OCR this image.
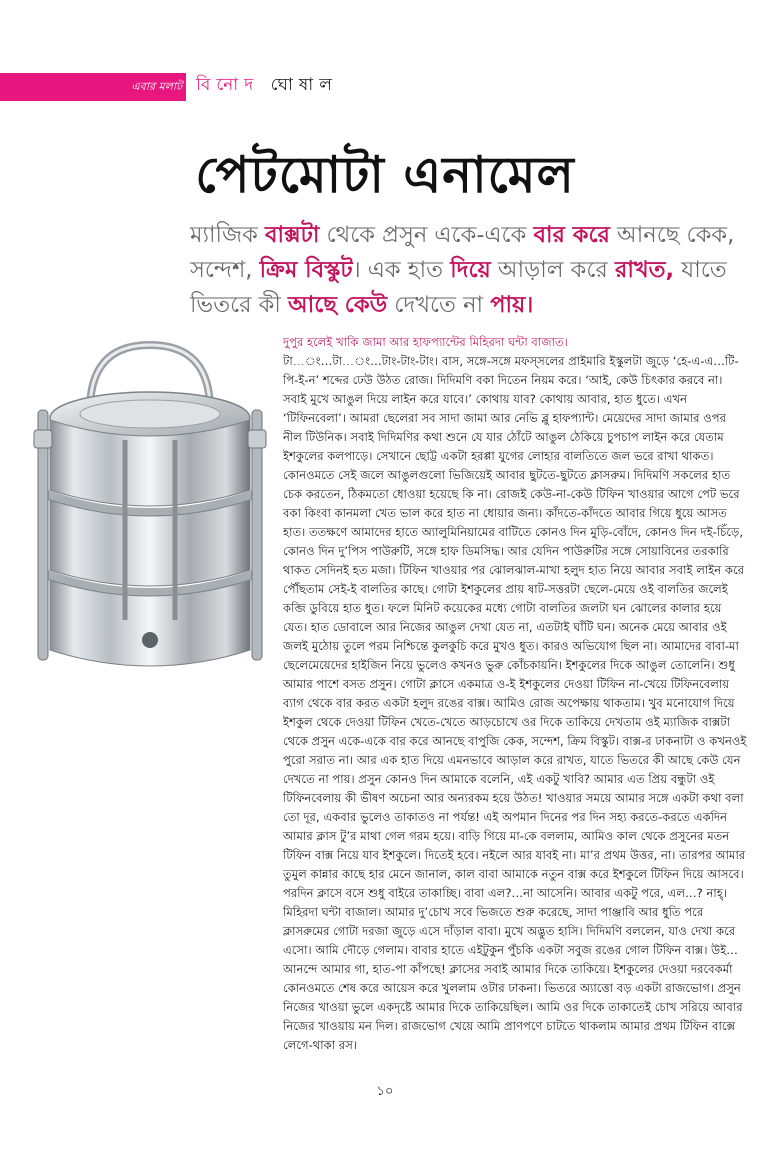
এবার মলাট বিনোদ ঘোষাল
পেটমোটা এনামেল
ম্যাজিক বাক্সটা থেকে প্রসুন একে-একে বার করে আনছে কেক, সন্দেশ, ক্রিম বিস্কুট। এক হাত দিয়ে আড়াল করে রাখত, যাতে ভিতরে কী আছে কেউ দেখতে না পায়।
দুপুর হলেই খাকি জামা আর হাফপ্যান্টের মিহিরদা ঘন্টা বাজাত।
টা…ং…টা…ং…টাং-টাং-টাং। বাস, সঙ্গে-সঙ্গে মফস্সলের প্রাইমারি ইস্কুলটা জুড়ে ‘হে-এ-এ…টি-পি-ই-ন’ শব্দের ঢেউ উঠত রোজ। দিদিমণি বকা দিতেন নিয়ম করে। ‘আই, কেউ চিৎকার করবে না। সবাই মুখে আঙুল দিয়ে লাইন করে যাবে।’ কোথায় যাব? কোথায় আবার, হাত ধুতে। এখন ‘টিফিনবেলা’। আমরা ছেলেরা সব সাদা জামা আর নেভি ব্লু হাফপ্যান্ট। মেয়েদের সাদা জামার ওপর নীল টিউনিক। সবাই দিদিমণির কথা শুনে যে যার ঠোঁটে আঙুল ঠেকিয়ে চুপচাপ লাইন করে যেতাম ইশকুলের কলপাড়ে। সেখানে ছোট্ট একটা হরপ্পা যুগের লোহার বালতিতে জল ভরে রাখা থাকত। কোনওমতে সেই জলে আঙুলগুলো ভিজিয়েই আবার ছুটতে-ছুটতে ক্লাসরুম। দিদিমণি সকলের হাত চেক করতেন, ঠিকমতো ধোওয়া হয়েছে কি না। রোজই কেউ-না-কেউ টিফিন খাওয়ার আগে পেট ভরে বকা কিংবা কানমলা খেত ভাল করে হাত না ধোয়ার জন্য। কাঁদতে-কাঁদতে আবার গিয়ে ধুয়ে আসত হাত। ততক্ষণে আমাদের হাতে অ্যালুমিনিয়ামের বাটিতে কোনও দিন মুড়ি-বোঁদে, কোনও দিন দই-চিঁড়ে, কোনও দিন দু’পিস পাউরুটি, সঙ্গে হাফ ডিমসিদ্ধ। আর যেদিন পাউরুটির সঙ্গে সোয়াবিনের তরকারি থাকত সেদিনই হত মজা। টিফিন খাওয়ার পর ঝোলঝাল-মাখা হলুদ হাত নিয়ে আবার সবাই লাইন করে পৌঁছতাম সেই-ই বালতির কাছে। গোটা ইশকুলের প্রায় ষাট-সত্তরটা ছেলে-মেয়ে ওই বালতির জলেই কব্জি ডুবিয়ে হাত ধুত। ফলে মিনিট কয়েকের মধ্যে গোটা বালতির জলটা ঘন ঝোলের কালার হয়ে যেত। হাত ডোবালে আর নিজের আঙুল দেখা যেত না, এতটাই ঘাঁটি ঘন। অনেক মেয়ে আবার ওই জলই মুঠোয় তুলে পরম নিশ্চিন্তে কুলকুচি করে মুখও ধুত। কারও অভিযোগ ছিল না। আমাদের বাবা-মা ছেলেমেয়েদের হাইজিন নিয়ে ভুলেও কখনও ভুরু কোঁচকায়নি। ইশকুলের দিকে আঙুল তোলেনি। শুধু আমার পাশে বসত প্রসুন। গোটা ক্লাসে একমাত্র ও-ই ইশকুলের দেওয়া টিফিন না-খেয়ে টিফিনবেলায় ব্যাগ থেকে বার করত একটা হলুদ রঙের বাক্স। আমিও রোজ অপেক্ষায় থাকতাম। খুব মনোযোগ দিয়ে ইশকুল থেকে দেওয়া টিফিন খেতে-খেতে আড়চোখে ওর দিকে তাকিয়ে দেখতাম ওই ম্যাজিক বাক্সটা থেকে প্রসুন একে-একে বার করে আনছে বাপুজি কেক, সন্দেশ, ক্রিম বিস্কুট। বাক্স-র ঢাকনাটা ও কখনওই পুরো সরাত না। আর এক হাত দিয়ে এমনভাবে আড়াল করে রাখত, যাতে ভিতরে কী আছে কেউ যেন দেখতে না পায়। প্রসুন কোনও দিন আমাকে বলেনি, এই একটু খাবি? আমার এত প্রিয় বন্ধুটা ওই টিফিনবেলায় কী ভীষণ অচেনা আর অন্যরকম হয়ে উঠত! খাওয়ার সময়ে আমার সঙ্গে একটা কথা বলা তো দূর, একবার ভুলেও তাকাতও না পর্যন্ত! এই অপমান দিনের পর দিন সহ্য করতে-করতে একদিন আমার ক্লাস টু’র মাথা গেল গরম হয়ে। বাড়ি গিয়ে মা-কে বললাম, আমিও কাল থেকে প্রসুনের মতন টিফিন বাক্স নিয়ে যাব ইশকুলে। দিতেই হবে। নইলে আর যাবই না। মা’র প্রথম উত্তর, না। তারপর আমার তুমুল কান্নার কাছে হার মেনে জানাল, কাল বাবা আমাকে নতুন বাক্স করে ইশকুলে টিফিন দিয়ে আসবে। পরদিন ক্লাসে বসে শুধু বাইরে তাকাচ্ছি। বাবা এল?…না আসেনি। আবার একটু পরে, এল…? নাহ্। মিহিরদা ঘন্টা বাজাল। আমার দু’চোখ সবে ভিজতে শুরু করেছে, সাদা পাঞ্জাবি আর ধুতি পরে ক্লাসরুমের গোটা দরজা জুড়ে এসে দাঁড়াল বাবা। মুখে অদ্ভুত হাসি। দিদিমণি বললেন, যাও দেখা করে এসো। আমি দৌড়ে গেলাম। বাবার হাতে এইটুকুন পুঁচকি একটা সবুজ রঙের গোল টিফিন বাক্স। উই…আনন্দে আমার গা, হাত-পা কাঁপছে! ক্লাসের সবাই আমার দিকে তাকিয়ে। ইশকুলের দেওয়া দরবেকর্মা কোনওমতে শেষ করে আয়েস করে খুললাম ওটার ঢাকনা। ভিতরে অ্যাত্তো বড় একটা রাজভোগ। প্রসুন নিজের খাওয়া ভুলে একদৃষ্টে আমার দিকে তাকিয়েছিল। আমি ওর দিকে তাকাতেই চোখ সরিয়ে আবার নিজের খাওয়ায় মন দিল। রাজভোগ খেয়ে আমি প্রাণপণে চাটতে থাকলাম আমার প্রথম টিফিন বাক্সে লেগে-থাকা রস।
১০
